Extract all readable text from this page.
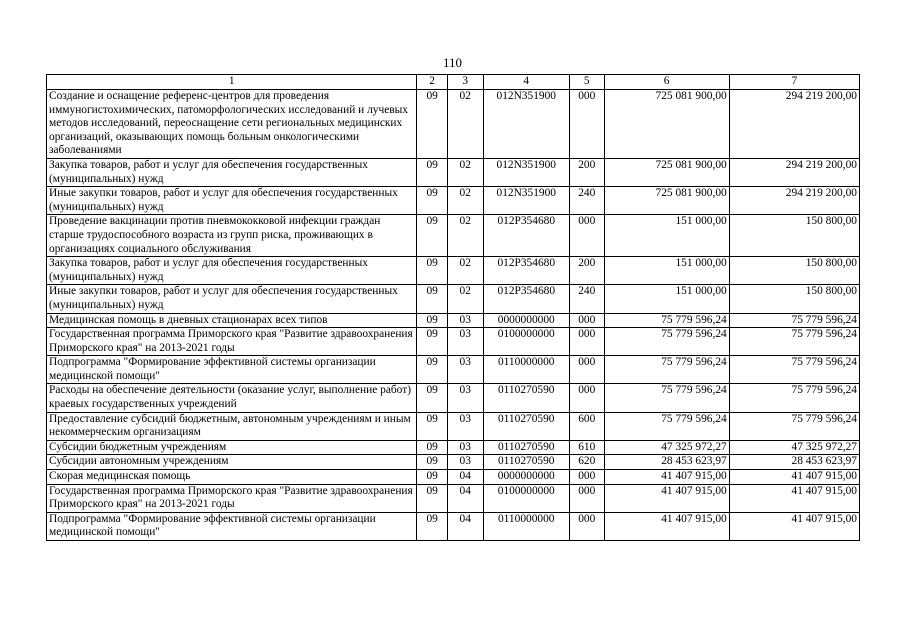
110
1	2	3	4	5	6	7
Создание и оснащение референс-центров для проведения иммуногистохимических, патоморфологических исследований и лучевых методов исследований, переоснащение сети региональных медицинских организаций, оказывающих помощь больным онкологическими заболеваниями	09	02	012N351900	000	725 081 900,00	294 219 200,00
Закупка товаров, работ и услуг для обеспечения государственных (муниципальных) нужд	09	02	012N351900	200	725 081 900,00	294 219 200,00
Иные закупки товаров, работ и услуг для обеспечения государственных (муниципальных) нужд	09	02	012N351900	240	725 081 900,00	294 219 200,00
Проведение вакцинации против пневмококковой инфекции граждан старше трудоспособного возраста из групп риска, проживающих в организациях социального обслуживания	09	02	012P354680	000	151 000,00	150 800,00
Закупка товаров, работ и услуг для обеспечения государственных (муниципальных) нужд	09	02	012P354680	200	151 000,00	150 800,00
Иные закупки товаров, работ и услуг для обеспечения государственных (муниципальных) нужд	09	02	012P354680	240	151 000,00	150 800,00
Медицинская помощь в дневных стационарах всех типов	09	03	0000000000	000	75 779 596,24	75 779 596,24
Государственная программа Приморского края "Развитие здравоохранения Приморского края" на 2013-2021 годы	09	03	0100000000	000	75 779 596,24	75 779 596,24
Подпрограмма "Формирование эффективной системы организации медицинской помощи"	09	03	0110000000	000	75 779 596,24	75 779 596,24
Расходы на обеспечение деятельности (оказание услуг, выполнение работ) краевых государственных учреждений	09	03	0110270590	000	75 779 596,24	75 779 596,24
Предоставление субсидий бюджетным, автономным учреждениям и иным некоммерческим организациям	09	03	0110270590	600	75 779 596,24	75 779 596,24
Субсидии бюджетным учреждениям	09	03	0110270590	610	47 325 972,27	47 325 972,27
Субсидии автономным учреждениям	09	03	0110270590	620	28 453 623,97	28 453 623,97
Скорая медицинская помощь	09	04	0000000000	000	41 407 915,00	41 407 915,00
Государственная программа Приморского края "Развитие здравоохранения Приморского края" на 2013-2021 годы	09	04	0100000000	000	41 407 915,00	41 407 915,00
Подпрограмма "Формирование эффективной системы организации медицинской помощи"	09	04	0110000000	000	41 407 915,00	41 407 915,00
